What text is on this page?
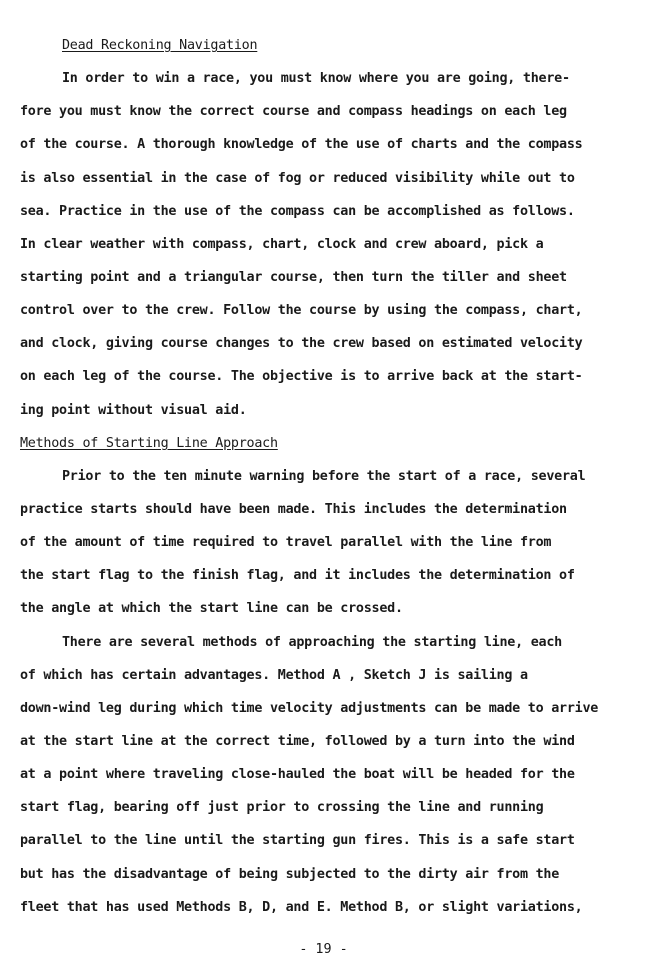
Dead Reckoning Navigation
In order to win a race, you must know where you are going, there-
fore you must know the correct course and compass headings on each leg
of the course. A thorough knowledge of the use of charts and the compass
is also essential in the case of fog or reduced visibility while out to
sea. Practice in the use of the compass can be accomplished as follows.
In clear weather with compass, chart, clock and crew aboard, pick a
starting point and a triangular course, then turn the tiller and sheet
control over to the crew. Follow the course by using the compass, chart,
and clock, giving course changes to the crew based on estimated velocity
on each leg of the course. The objective is to arrive back at the start-
ing point without visual aid.
Methods of Starting Line Approach
Prior to the ten minute warning before the start of a race, several
practice starts should have been made. This includes the determination
of the amount of time required to travel parallel with the line from
the start flag to the finish flag, and it includes the determination of
the angle at which the start line can be crossed.
There are several methods of approaching the starting line, each
of which has certain advantages. Method A , Sketch J is sailing a
down-wind leg during which time velocity adjustments can be made to arrive
at the start line at the correct time, followed by a turn into the wind
at a point where traveling close-hauled the boat will be headed for the
start flag, bearing off just prior to crossing the line and running
parallel to the line until the starting gun fires. This is a safe start
but has the disadvantage of being subjected to the dirty air from the
fleet that has used Methods B, D, and E. Method B, or slight variations,
- 19 -
